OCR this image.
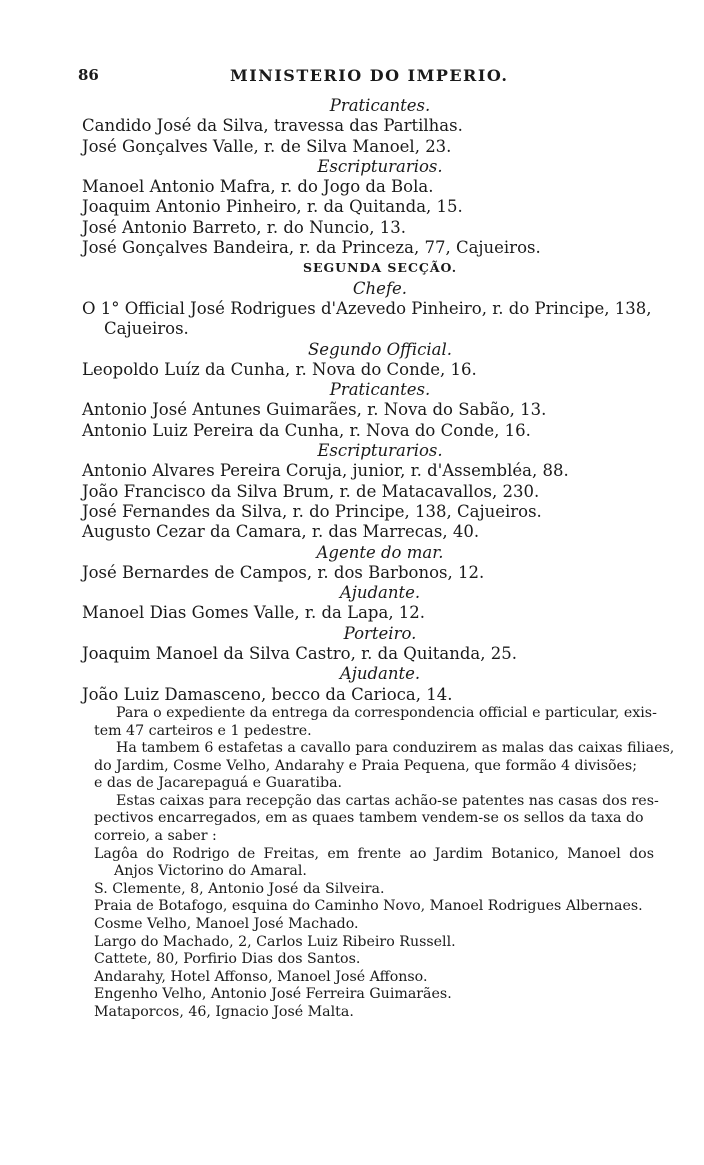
86	MINISTERIO DO IMPERIO.
Praticantes.
Candido José da Silva, travessa das Partilhas.
José Gonçalves Valle, r. de Silva Manoel, 23.
Escripturarios.
Manoel Antonio Mafra, r. do Jogo da Bola.
Joaquim Antonio Pinheiro, r. da Quitanda, 15.
José Antonio Barreto, r. do Nuncio, 13.
José Gonçalves Bandeira, r. da Princeza, 77, Cajueiros.
SEGUNDA SECÇÃO.
Chefe.
O 1° Official José Rodrigues d'Azevedo Pinheiro, r. do Principe, 138,
Cajueiros.
Segundo Official.
Leopoldo Luíz da Cunha, r. Nova do Conde, 16.
Praticantes.
Antonio José Antunes Guimarães, r. Nova do Sabão, 13.
Antonio Luiz Pereira da Cunha, r. Nova do Conde, 16.
Escripturarios.
Antonio Alvares Pereira Coruja, junior, r. d'Assembléa, 88.
João Francisco da Silva Brum, r. de Matacavallos, 230.
José Fernandes da Silva, r. do Principe, 138, Cajueiros.
Augusto Cezar da Camara, r. das Marrecas, 40.
Agente do mar.
José Bernardes de Campos, r. dos Barbonos, 12.
Ajudante.
Manoel Dias Gomes Valle, r. da Lapa, 12.
Porteiro.
Joaquim Manoel da Silva Castro, r. da Quitanda, 25.
Ajudante.
João Luiz Damasceno, becco da Carioca, 14.
Para o expediente da entrega da correspondencia official e particular, exis-
tem 47 carteiros e 1 pedestre.
Ha tambem 6 estafetas a cavallo para conduzirem as malas das caixas filiaes,
do Jardim, Cosme Velho, Andarahy e Praia Pequena, que formão 4 divisões;
e das de Jacarepaguá e Guaratiba.
Estas caixas para recepção das cartas achão-se patentes nas casas dos res-
pectivos encarregados, em as quaes tambem vendem-se os sellos da taxa do
correio, a saber :
Lagôa do Rodrigo de Freitas, em frente ao Jardim Botanico, Manoel dos
Anjos Victorino do Amaral.
S. Clemente, 8, Antonio José da Silveira.
Praia de Botafogo, esquina do Caminho Novo, Manoel Rodrigues Albernaes.
Cosme Velho, Manoel José Machado.
Largo do Machado, 2, Carlos Luiz Ribeiro Russell.
Cattete, 80, Porfirio Dias dos Santos.
Andarahy, Hotel Affonso, Manoel José Affonso.
Engenho Velho, Antonio José Ferreira Guimarães.
Mataporcos, 46, Ignacio José Malta.
